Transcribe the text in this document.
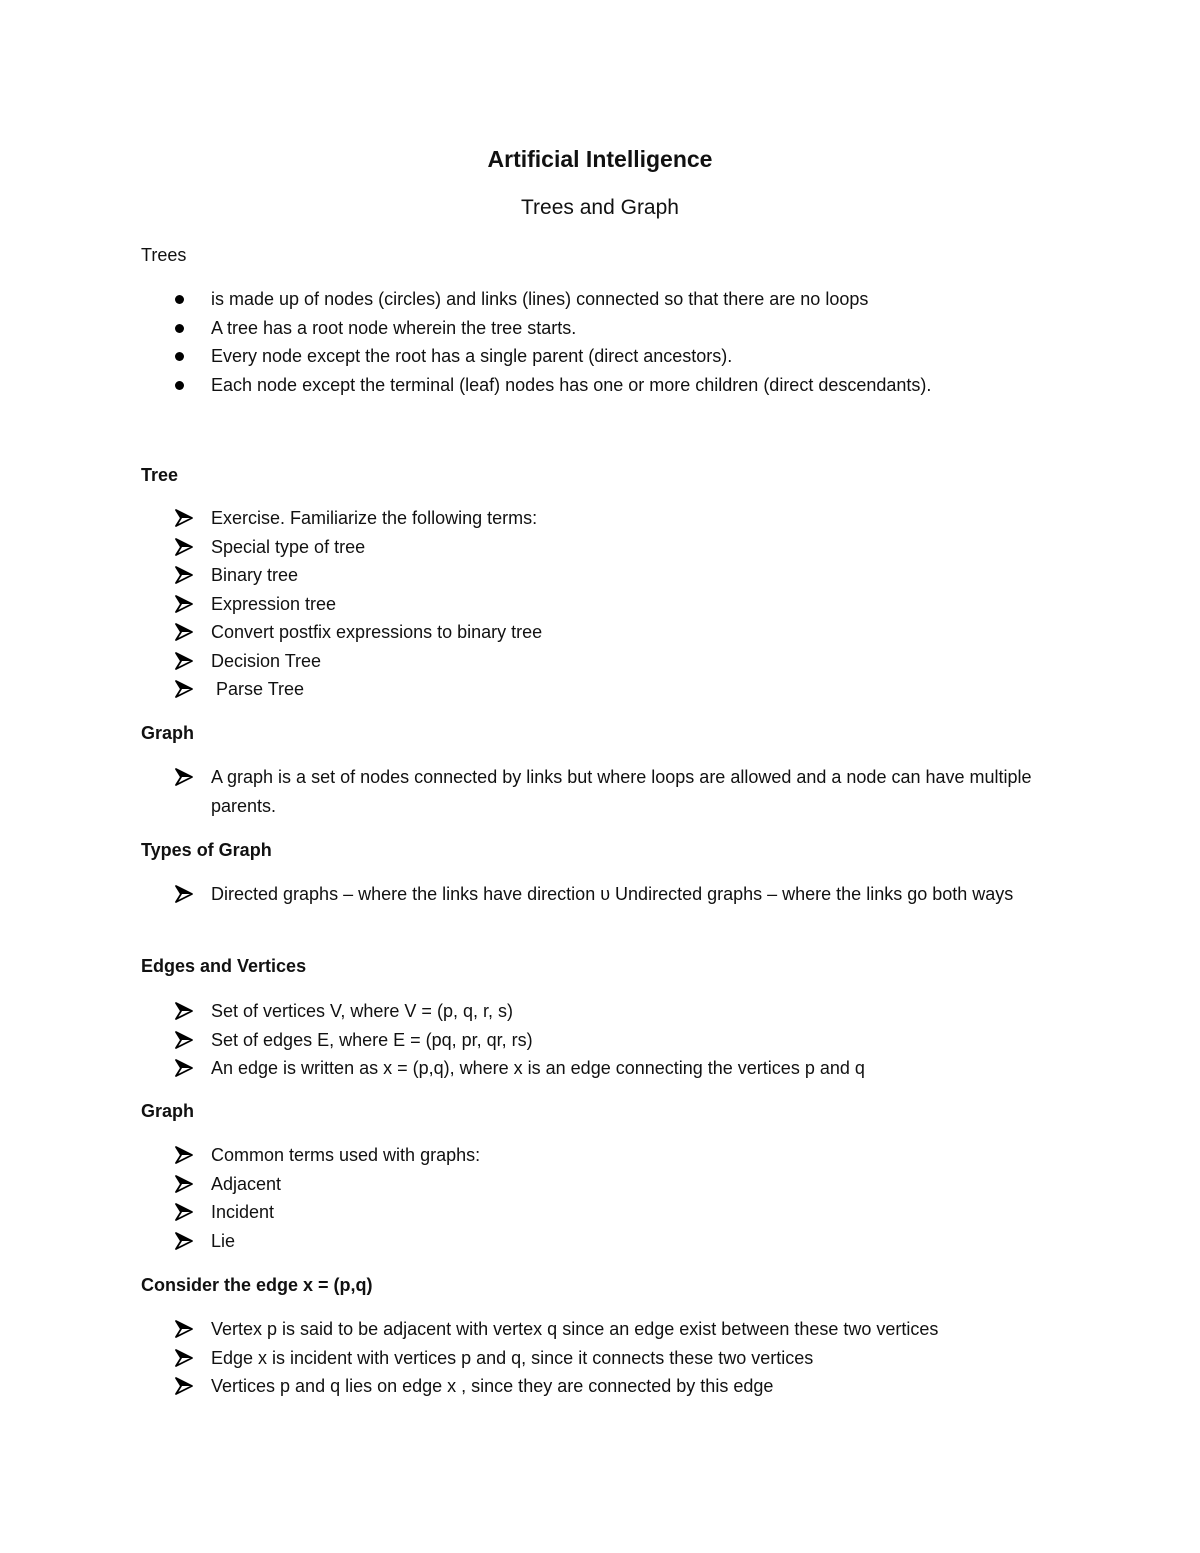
Artificial Intelligence
Trees and Graph
Trees
is made up of nodes (circles) and links (lines) connected so that there are no loops
A tree has a root node wherein the tree starts.
Every node except the root has a single parent (direct ancestors).
Each node except the terminal (leaf) nodes has one or more children (direct descendants).
Tree
Exercise. Familiarize the following terms:
Special type of tree
Binary tree
Expression tree
Convert postfix expressions to binary tree
Decision Tree
Parse Tree
Graph
A graph is a set of nodes connected by links but where loops are allowed and a node can have multiple parents.
Types of Graph
Directed graphs – where the links have direction υ Undirected graphs – where the links go both ways
Edges and Vertices
Set of vertices V, where V = (p, q, r, s)
Set of edges E, where E = (pq, pr, qr, rs)
An edge is written as x = (p,q), where x is an edge connecting the vertices p and q
Graph
Common terms used with graphs:
Adjacent
Incident
Lie
Consider the edge x = (p,q)
Vertex p is said to be adjacent with vertex q since an edge exist between these two vertices
Edge x is incident with vertices p and q, since it connects these two vertices
Vertices p and q lies on edge x , since they are connected by this edge
